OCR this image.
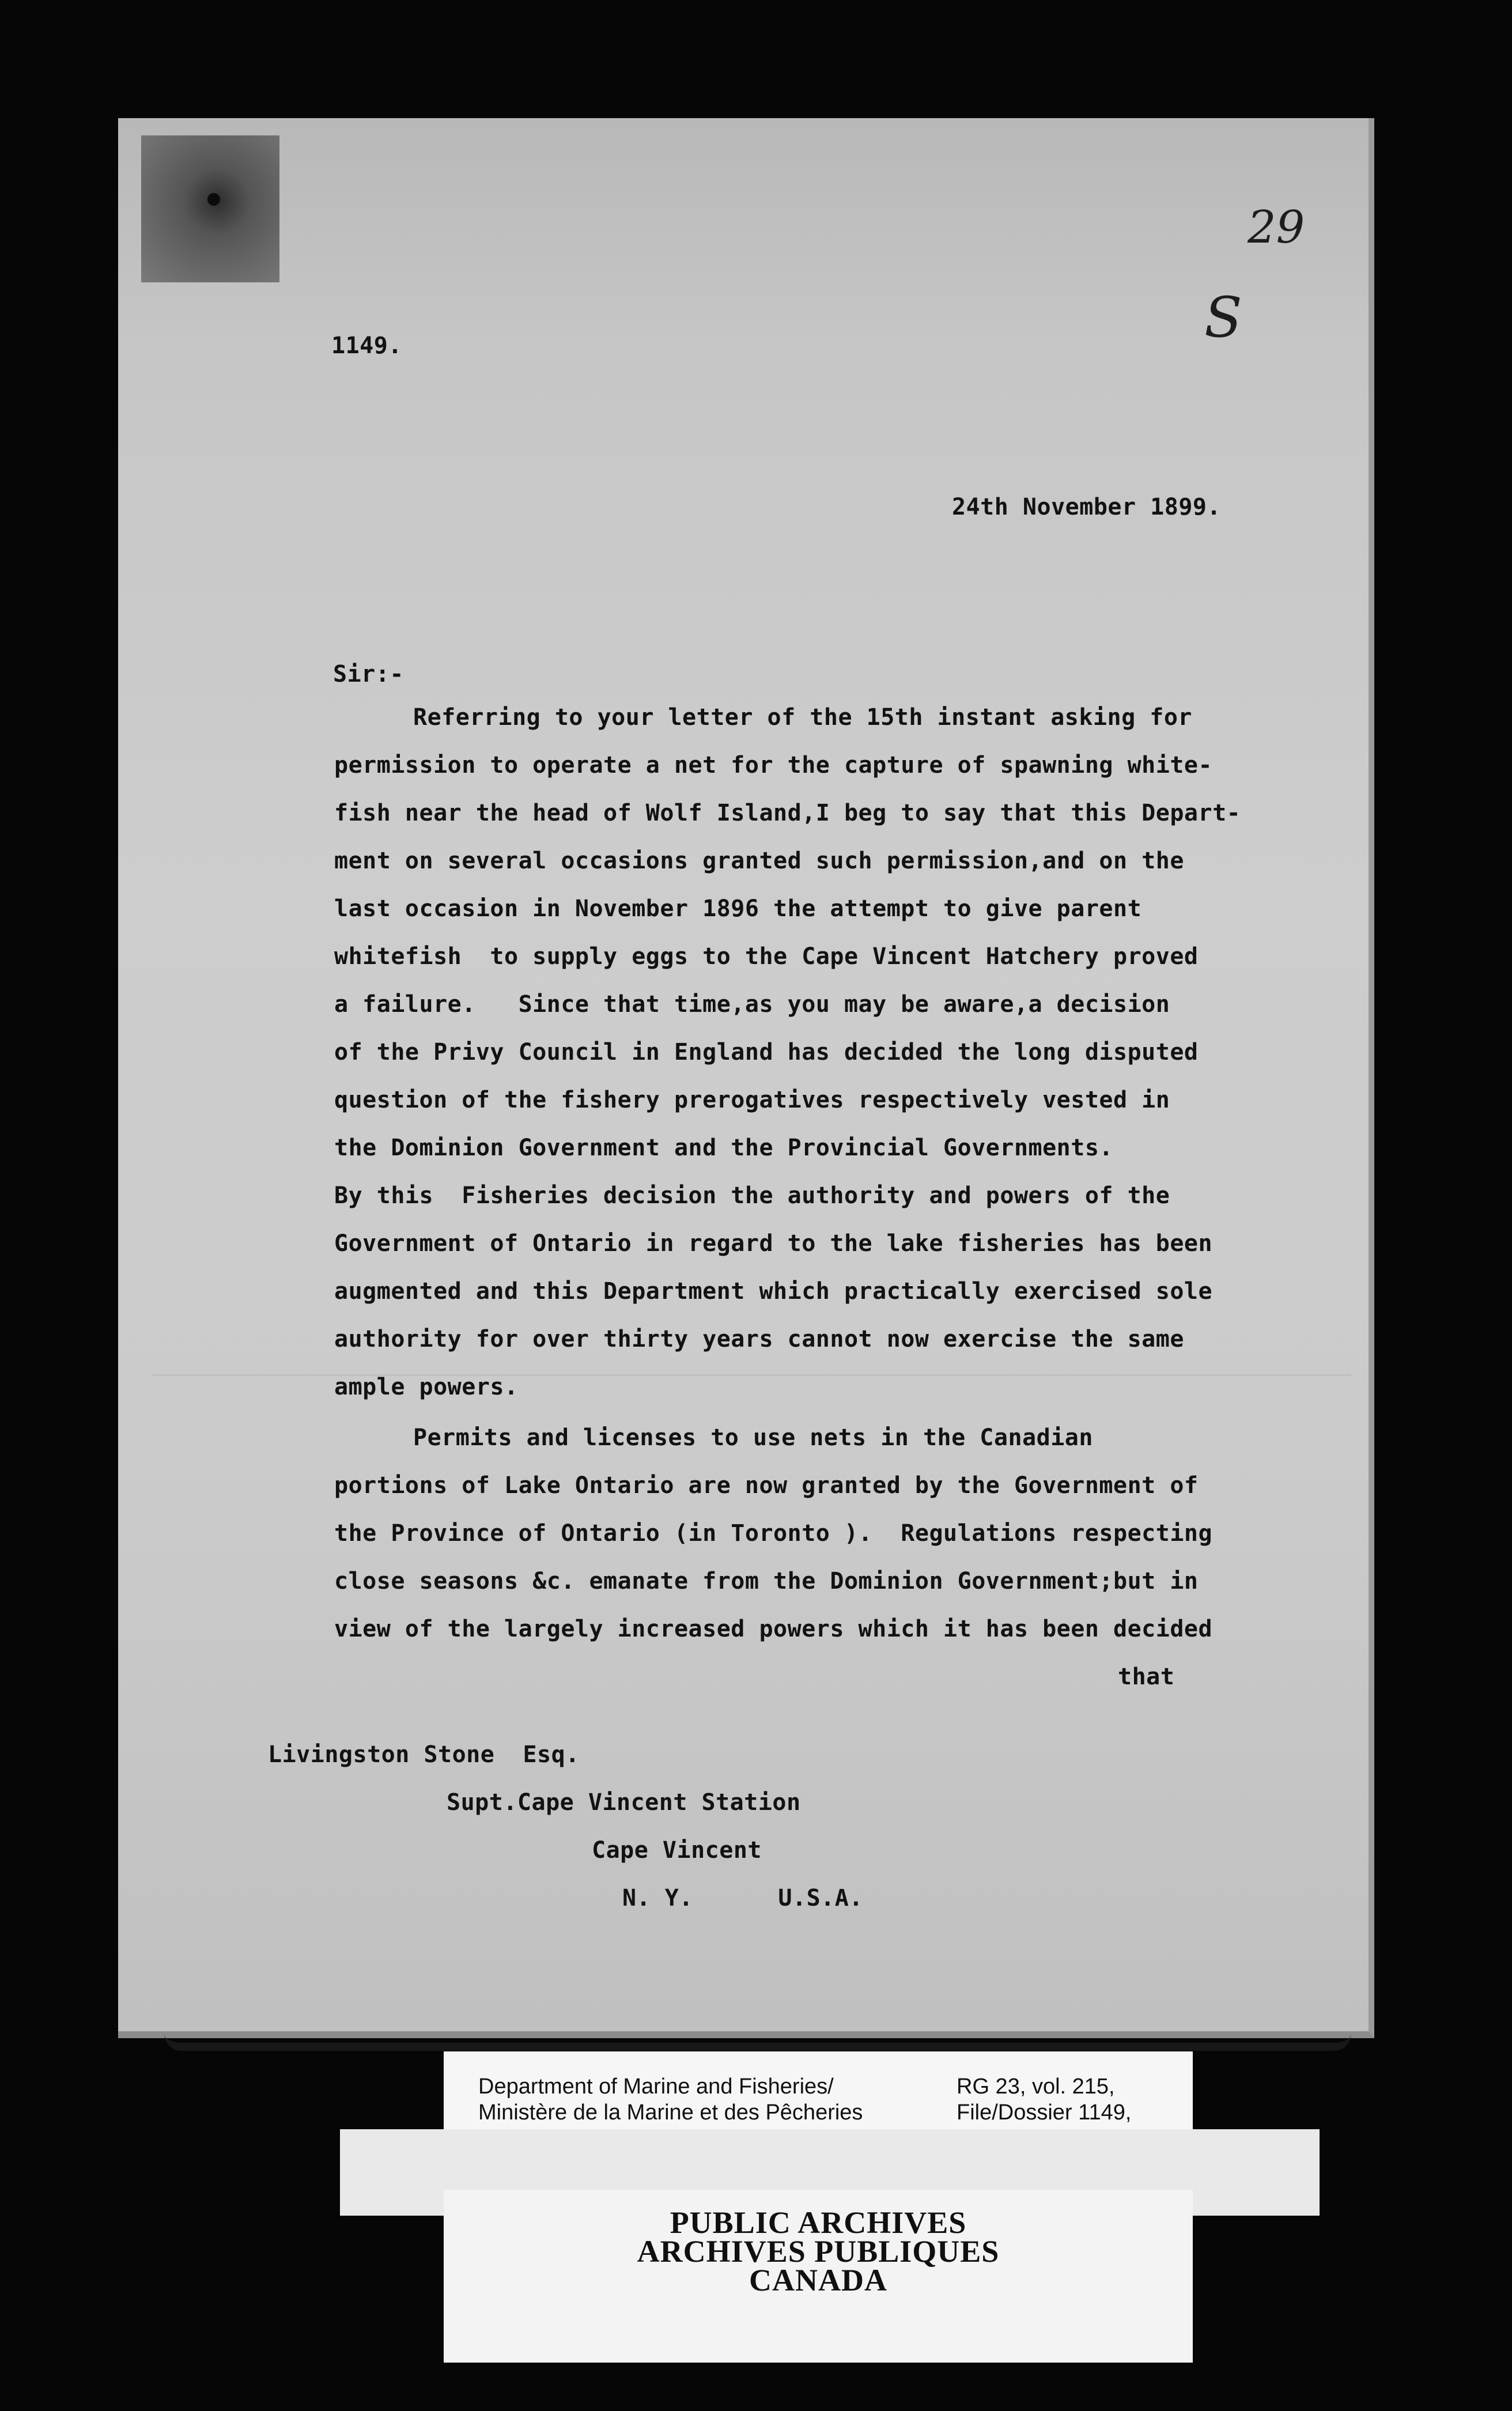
29
S
1149.
24th November 1899.
Sir:-
Referring to your letter of the 15th instant asking for
permission to operate a net for the capture of spawning white-
fish near the head of Wolf Island,I beg to say that this Depart-
ment on several occasions granted such permission,and on the
last occasion in November 1896 the attempt to give parent
whitefish  to supply eggs to the Cape Vincent Hatchery proved
a failure.   Since that time,as you may be aware,a decision
of the Privy Council in England has decided the long disputed
question of the fishery prerogatives respectively vested in
the Dominion Government and the Provincial Governments.
By this  Fisheries decision the authority and powers of the
Government of Ontario in regard to the lake fisheries has been
augmented and this Department which practically exercised sole
authority for over thirty years cannot now exercise the same
ample powers.
Permits and licenses to use nets in the Canadian
portions of Lake Ontario are now granted by the Government of
the Province of Ontario (in Toronto ).  Regulations respecting
close seasons &c. emanate from the Dominion Government;but in
view of the largely increased powers which it has been decided
that
Livingston Stone  Esq.
Supt.Cape Vincent Station
Cape Vincent
N. Y.      U.S.A.
Department of Marine and Fisheries/
Ministère de la Marine et des Pêcheries
RG 23, vol. 215,
File/Dossier 1149,
PUBLIC ARCHIVES
ARCHIVES PUBLIQUES
CANADA
